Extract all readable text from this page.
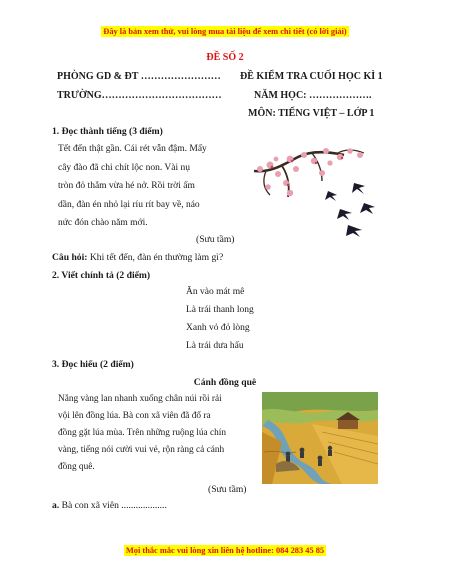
Đây là bản xem thử, vui lòng mua tài liệu để xem chi tiết (có lời giải)
ĐỀ SỐ 2
PHÒNG GD & ĐT …………………… ĐỀ KIỂM TRA CUỐI HỌC KÌ 1
TRƯỜNG………………………………	NĂM HỌC: ……………….
MÔN: TIẾNG VIỆT – LỚP 1
1. Đọc thành tiếng (3 điểm)
Tết đến thật gần. Cái rét vẫn đậm. Mấy
cây đào đã chi chít lộc non. Vài nụ
tròn đỏ thắm vừa hé nở. Rồi trời ấm
dần, đàn én nhỏ lại ríu rít bay về, náo
nức đón chào năm mới.
(Sưu tầm)
Câu hỏi: Khi tết đến, đàn én thường làm gì?
2. Viết chính tả (2 điểm)
Ăn vào mát mê
Là trái thanh long
Xanh vỏ đỏ lòng
Là trái dưa hấu
3. Đọc hiểu (2 điểm)
Cánh đồng quê
Nắng vàng lan nhanh xuống chân núi rồi rải
vội lên đồng lúa. Bà con xã viên đã đổ ra
đồng gặt lúa mùa. Trên những ruộng lúa chín
vàng, tiếng nói cười vui vẻ, rộn ràng cả cánh
đồng quê.
(Sưu tầm)
a. Bà con xã viên ...................
Mọi thắc mắc vui lòng xin liên hệ hotline: 084 283 45 85
